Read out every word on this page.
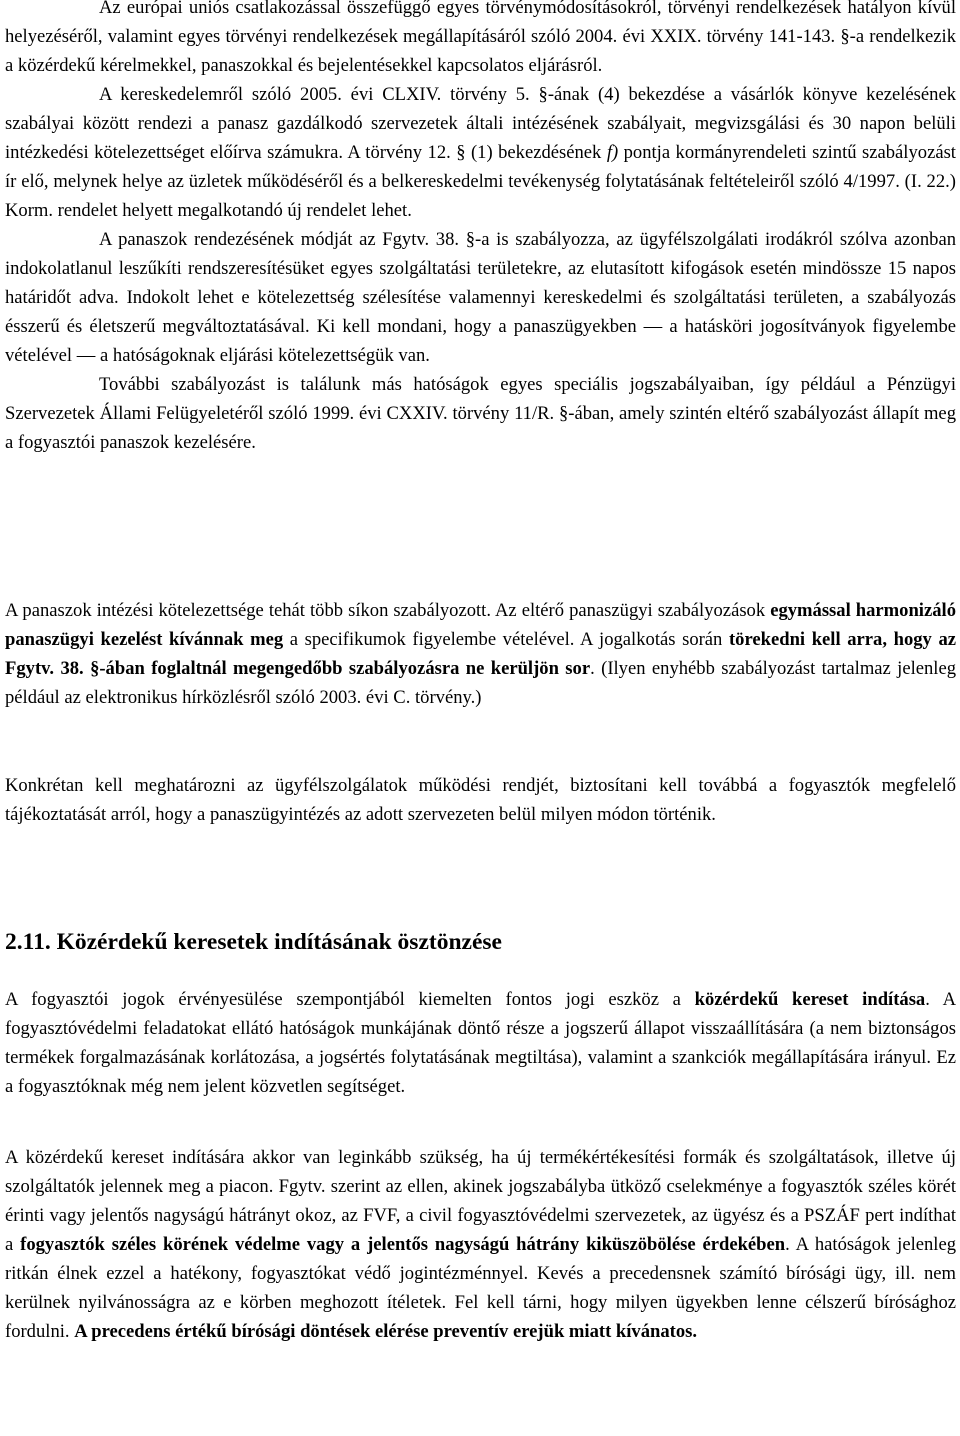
Az európai uniós csatlakozással összefüggő egyes törvénymódosításokról, törvényi rendelkezések hatályon kívül helyezéséről, valamint egyes törvényi rendelkezések megállapításáról szóló 2004. évi XXIX. törvény 141-143. §-a rendelkezik a közérdekű kérelmekkel, panaszokkal és bejelentésekkel kapcsolatos eljárásról.

A kereskedelemről szóló 2005. évi CLXIV. törvény 5. §-ának (4) bekezdése a vásárlók könyve kezelésének szabályai között rendezi a panasz gazdálkodó szervezetek általi intézésének szabályait, megvizsgálási és 30 napon belüli intézkedési kötelezettséget előírva számukra. A törvény 12. § (1) bekezdésének f) pontja kormányrendeleti szintű szabályozást ír elő, melynek helye az üzletek működéséről és a belkereskedelmi tevékenység folytatásának feltételeiről szóló 4/1997. (I. 22.) Korm. rendelet helyett megalkotandó új rendelet lehet.

A panaszok rendezésének módját az Fgytv. 38. §-a is szabályozza, az ügyfélszolgálati irodákról szólva azonban indokolatlanul leszűkíti rendszeresítésüket egyes szolgáltatási területekre, az elutasított kifogások esetén mindössze 15 napos határidőt adva. Indokolt lehet e kötelezettség szélesítése valamennyi kereskedelmi és szolgáltatási területen, a szabályozás ésszerű és életszerű megváltoztatásával. Ki kell mondani, hogy a panaszügyekben ― a hatásköri jogosítványok figyelembe vételével ― a hatóságoknak eljárási kötelezettségük van.

További szabályozást is találunk más hatóságok egyes speciális jogszabályaiban, így például a Pénzügyi Szervezetek Állami Felügyeletéről szóló 1999. évi CXXIV. törvény 11/R. §-ában, amely szintén eltérő szabályozást állapít meg a fogyasztói panaszok kezelésére.

A panaszok intézési kötelezettsége tehát több síkon szabályozott. Az eltérő panaszügyi szabályozások egymással harmonizáló panaszügyi kezelést kívánnak meg a specifikumok figyelembe vételével. A jogalkotás során törekedni kell arra, hogy az Fgytv. 38. §-ában foglaltnál megengedőbb szabályozásra ne kerüljön sor. (Ilyen enyhébb szabályozást tartalmaz jelenleg például az elektronikus hírközlésről szóló 2003. évi C. törvény.)

Konkrétan kell meghatározni az ügyfélszolgálatok működési rendjét, biztosítani kell továbbá a fogyasztók megfelelő tájékoztatását arról, hogy a panaszügyintézés az adott szervezeten belül milyen módon történik.

2.11. Közérdekű keresetek indításának ösztönzése

A fogyasztói jogok érvényesülése szempontjából kiemelten fontos jogi eszköz a közérdekű kereset indítása. A fogyasztóvédelmi feladatokat ellátó hatóságok munkájának döntő része a jogszerű állapot visszaállítására (a nem biztonságos termékek forgalmazásának korlátozása, a jogsértés folytatásának megtiltása), valamint a szankciók megállapítására irányul. Ez a fogyasztóknak még nem jelent közvetlen segítséget.

A közérdekű kereset indítására akkor van leginkább szükség, ha új termékértékesítési formák és szolgáltatások, illetve új szolgáltatók jelennek meg a piacon. Fgytv. szerint az ellen, akinek jogszabályba ütköző cselekménye a fogyasztók széles körét érinti vagy jelentős nagyságú hátrányt okoz, az FVF, a civil fogyasztóvédelmi szervezetek, az ügyész és a PSZÁF pert indíthat a fogyasztók széles körének védelme vagy a jelentős nagyságú hátrány kiküszöbölése érdekében. A hatóságok jelenleg ritkán élnek ezzel a hatékony, fogyasztókat védő jogintézménnyel. Kevés a precedensnek számító bírósági ügy, ill. nem kerülnek nyilvánosságra az e körben meghozott ítéletek. Fel kell tárni, hogy milyen ügyekben lenne célszerű bírósághoz fordulni. A precedens értékű bírósági döntések elérése preventív erejük miatt kívánatos.
